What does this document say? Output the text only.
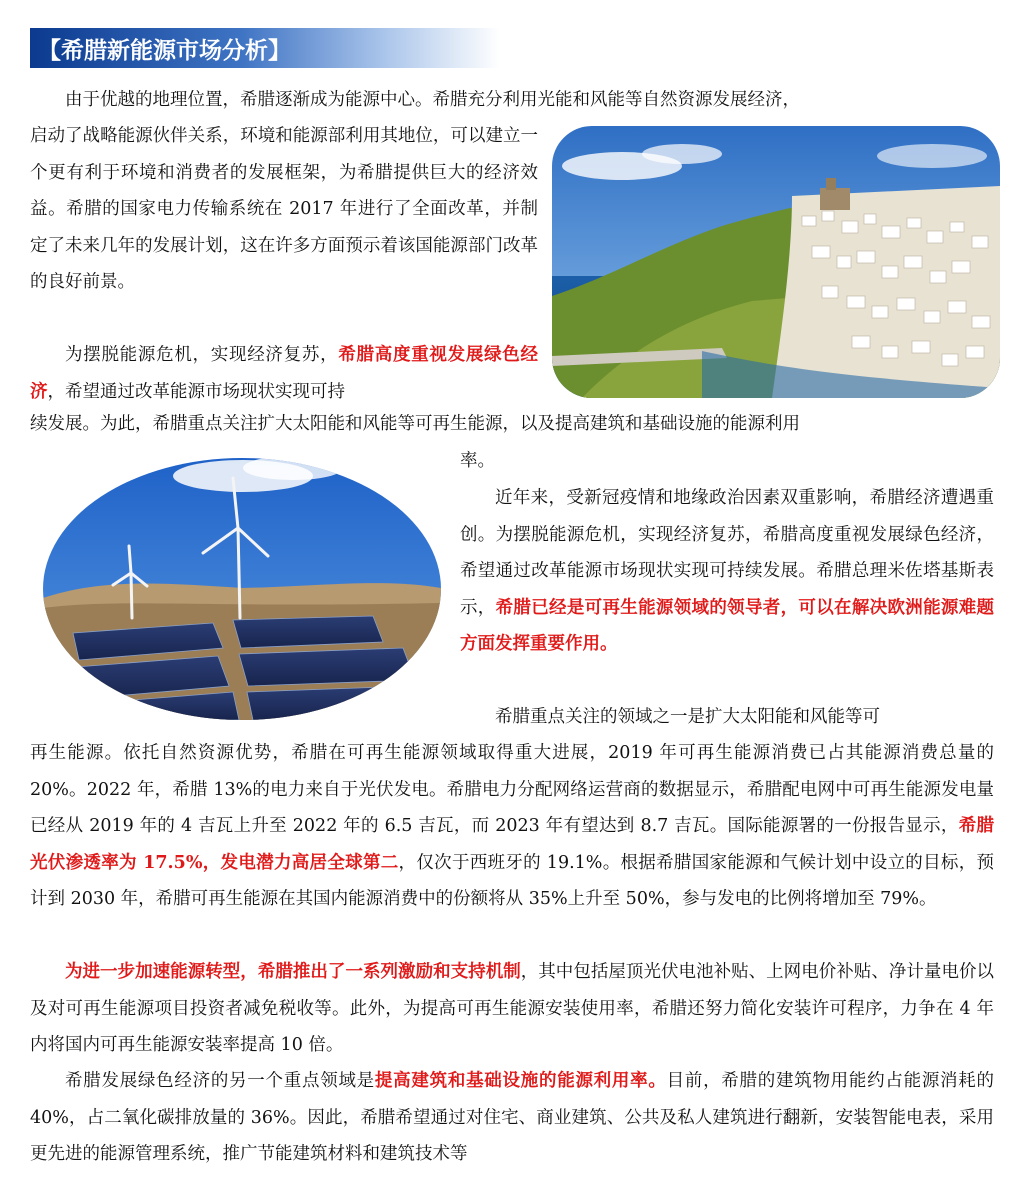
【希腊新能源市场分析】

由于优越的地理位置，希腊逐渐成为能源中心。希腊充分利用光能和风能等自然资源发展经济，

启动了战略能源伙伴关系，环境和能源部利用其地位，可以建立一个更有利于环境和消费者的发展框架，为希腊提供巨大的经济效益。希腊的国家电力传输系统在 2017 年进行了全面改革，并制定了未来几年的发展计划，这在许多方面预示着该国能源部门改革的良好前景。

为摆脱能源危机，实现经济复苏，希腊高度重视发展绿色经济，希望通过改革能源市场现状实现可持

续发展。为此，希腊重点关注扩大太阳能和风能等可再生能源，以及提高建筑和基础设施的能源利用

率。

近年来，受新冠疫情和地缘政治因素双重影响，希腊经济遭遇重创。为摆脱能源危机，实现经济复苏，希腊高度重视发展绿色经济，希望通过改革能源市场现状实现可持续发展。希腊总理米佐塔基斯表示，希腊已经是可再生能源领域的领导者，可以在解决欧洲能源难题方面发挥重要作用。

希腊重点关注的领域之一是扩大太阳能和风能等可

再生能源。依托自然资源优势，希腊在可再生能源领域取得重大进展，2019 年可再生能源消费已占其能源消费总量的 20%。2022 年，希腊 13%的电力来自于光伏发电。希腊电力分配网络运营商的数据显示，希腊配电网中可再生能源发电量已经从 2019 年的 4 吉瓦上升至 2022 年的 6.5 吉瓦，而 2023 年有望达到 8.7 吉瓦。国际能源署的一份报告显示，希腊光伏渗透率为 17.5%，发电潜力高居全球第二，仅次于西班牙的 19.1%。根据希腊国家能源和气候计划中设立的目标，预计到 2030 年，希腊可再生能源在其国内能源消费中的份额将从 35%上升至 50%，参与发电的比例将增加至 79%。

为进一步加速能源转型，希腊推出了一系列激励和支持机制，其中包括屋顶光伏电池补贴、上网电价补贴、净计量电价以及对可再生能源项目投资者减免税收等。此外，为提高可再生能源安装使用率，希腊还努力简化安装许可程序，力争在 4 年内将国内可再生能源安装率提高 10 倍。

希腊发展绿色经济的另一个重点领域是提高建筑和基础设施的能源利用率。目前，希腊的建筑物用能约占能源消耗的 40%，占二氧化碳排放量的 36%。因此，希腊希望通过对住宅、商业建筑、公共及私人建筑进行翻新，安装智能电表，采用更先进的能源管理系统，推广节能建筑材料和建筑技术等
